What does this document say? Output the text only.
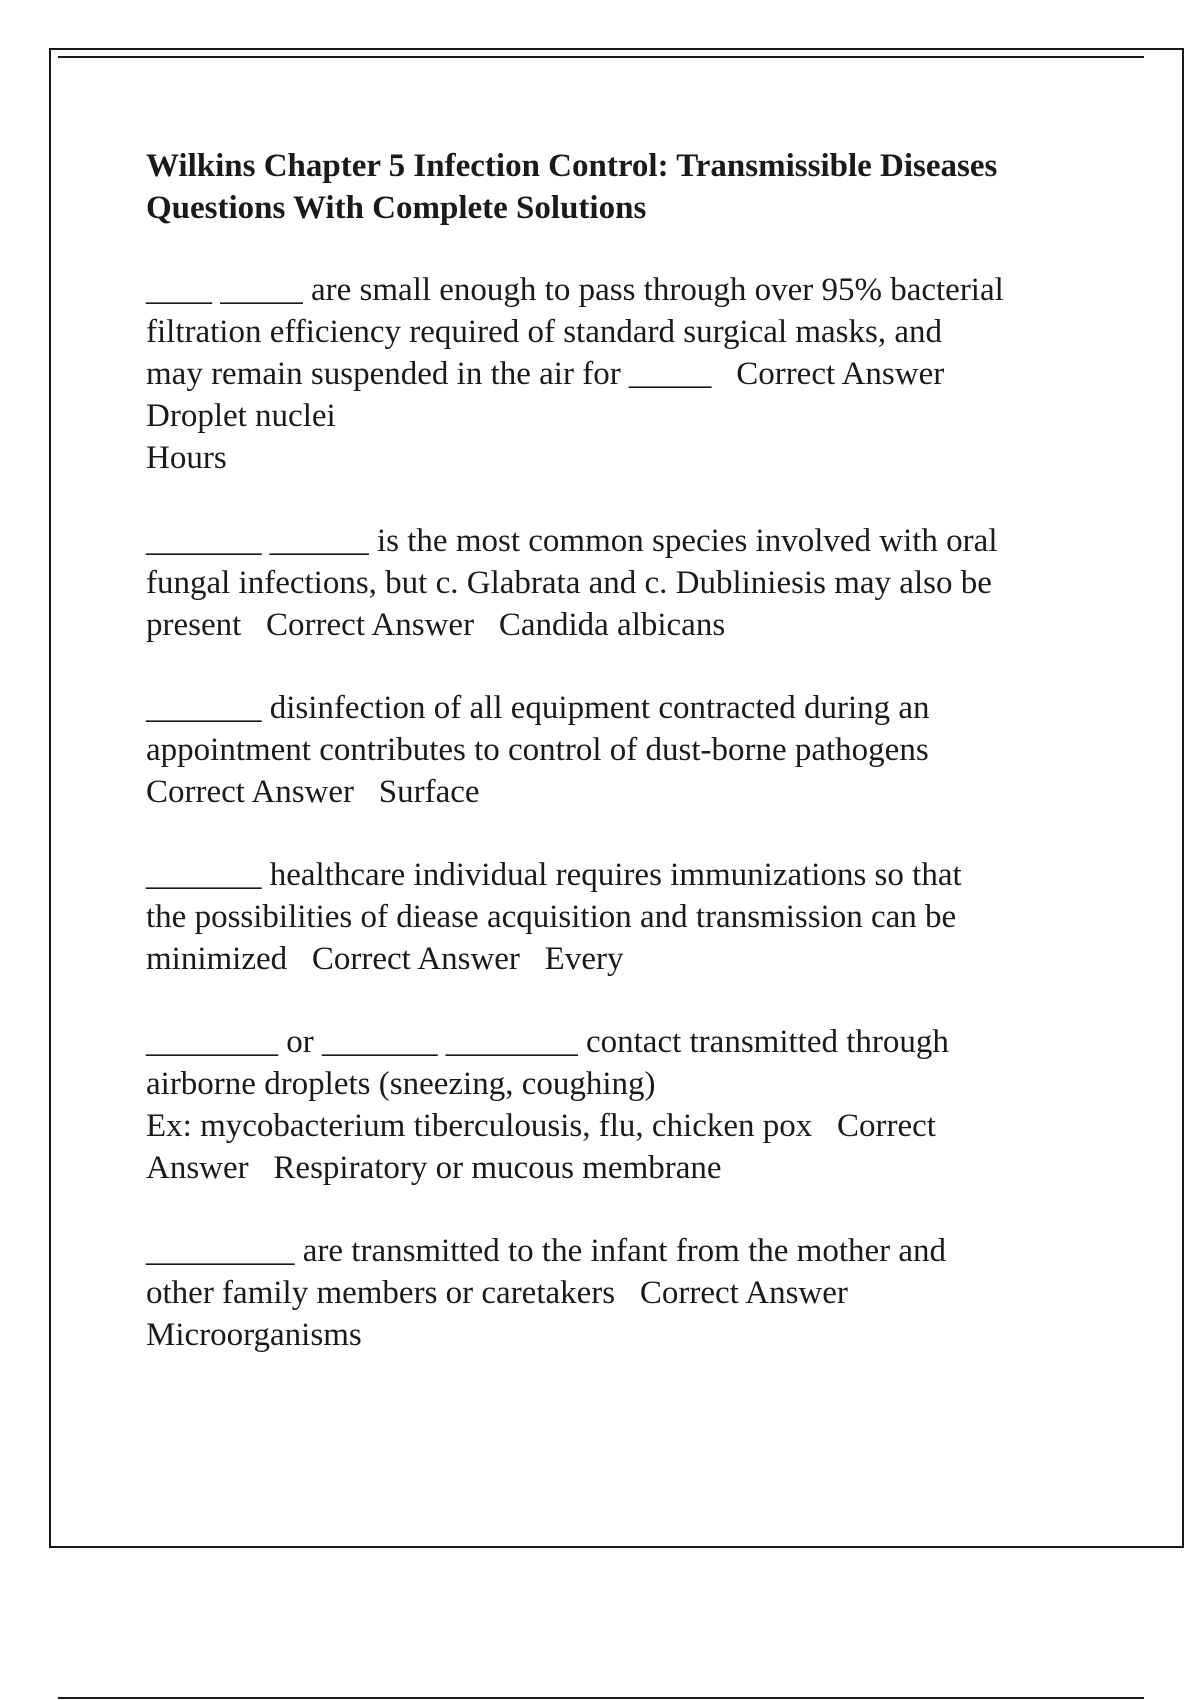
Wilkins Chapter 5 Infection Control: Transmissible Diseases
Questions With Complete Solutions

____ _____ are small enough to pass through over 95% bacterial
filtration efficiency required of standard surgical masks, and
may remain suspended in the air for _____   Correct Answer
Droplet nuclei
Hours

_______ ______ is the most common species involved with oral
fungal infections, but c. Glabrata and c. Dubliniesis may also be
present   Correct Answer   Candida albicans

_______ disinfection of all equipment contracted during an
appointment contributes to control of dust-borne pathogens
Correct Answer   Surface

_______ healthcare individual requires immunizations so that
the possibilities of diease acquisition and transmission can be
minimized   Correct Answer   Every

________ or _______ ________ contact transmitted through
airborne droplets (sneezing, coughing)
Ex: mycobacterium tiberculousis, flu, chicken pox   Correct
Answer   Respiratory or mucous membrane

_________ are transmitted to the infant from the mother and
other family members or caretakers   Correct Answer
Microorganisms
